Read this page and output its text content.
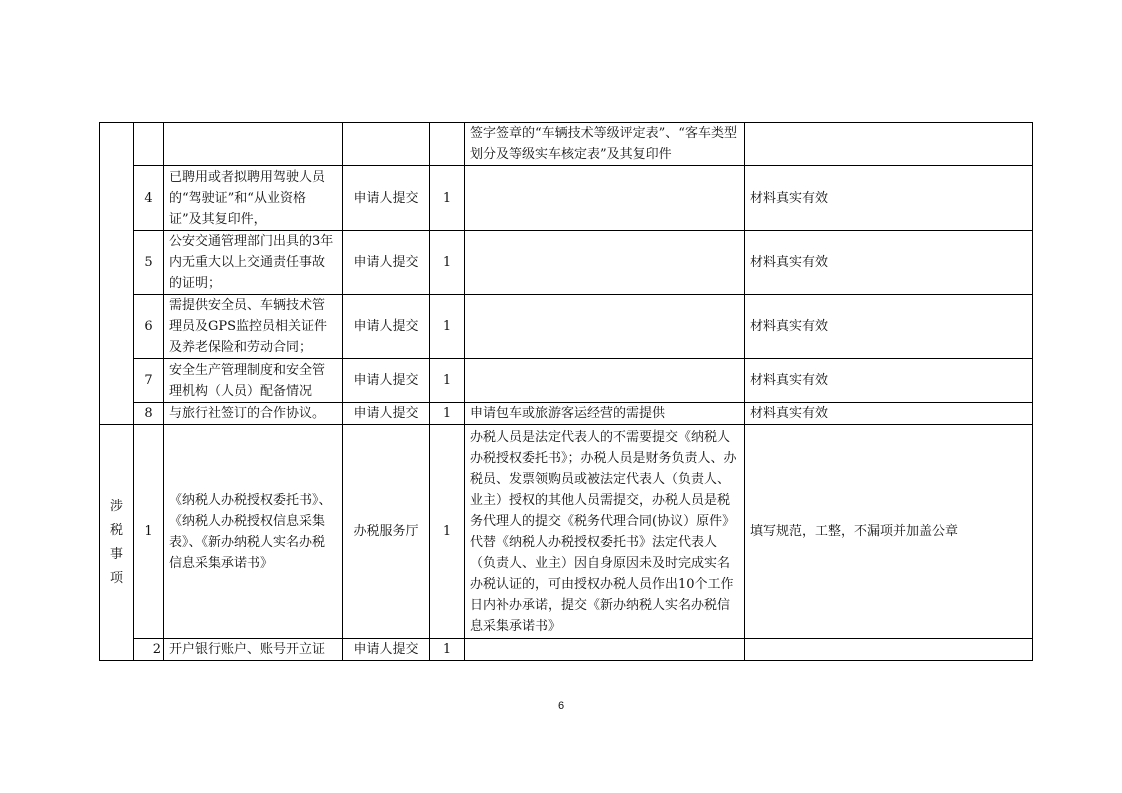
					签字签章的“车辆技术等级评定表”、“客车类型划分及等级实车核定表”及其复印件	
	4	已聘用或者拟聘用驾驶人员的“驾驶证”和“从业资格证”及其复印件，	申请人提交	1		材料真实有效
	5	公安交通管理部门出具的3年内无重大以上交通责任事故的证明；	申请人提交	1		材料真实有效
	6	需提供安全员、车辆技术管理员及GPS监控员相关证件及养老保险和劳动合同；	申请人提交	1		材料真实有效
	7	安全生产管理制度和安全管理机构（人员）配备情况	申请人提交	1		材料真实有效
	8	与旅行社签订的合作协议。	申请人提交	1	申请包车或旅游客运经营的需提供	材料真实有效
涉税事项	1	《纳税人办税授权委托书》、《纳税人办税授权信息采集表》、《新办纳税人实名办税信息采集承诺书》	办税服务厅	1	办税人员是法定代表人的不需要提交《纳税人办税授权委托书》；办税人员是财务负责人、办税员、发票领购员或被法定代表人（负责人、业主）授权的其他人员需提交，办税人员是税务代理人的提交《税务代理合同(协议）原件》代替《纳税人办税授权委托书》法定代表人（负责人、业主）因自身原因未及时完成实名办税认证的，可由授权办税人员作出10个工作日内补办承诺，提交《新办纳税人实名办税信息采集承诺书》	填写规范，工整，不漏项并加盖公章
	2	开户银行账户、账号开立证	申请人提交	1		
6
